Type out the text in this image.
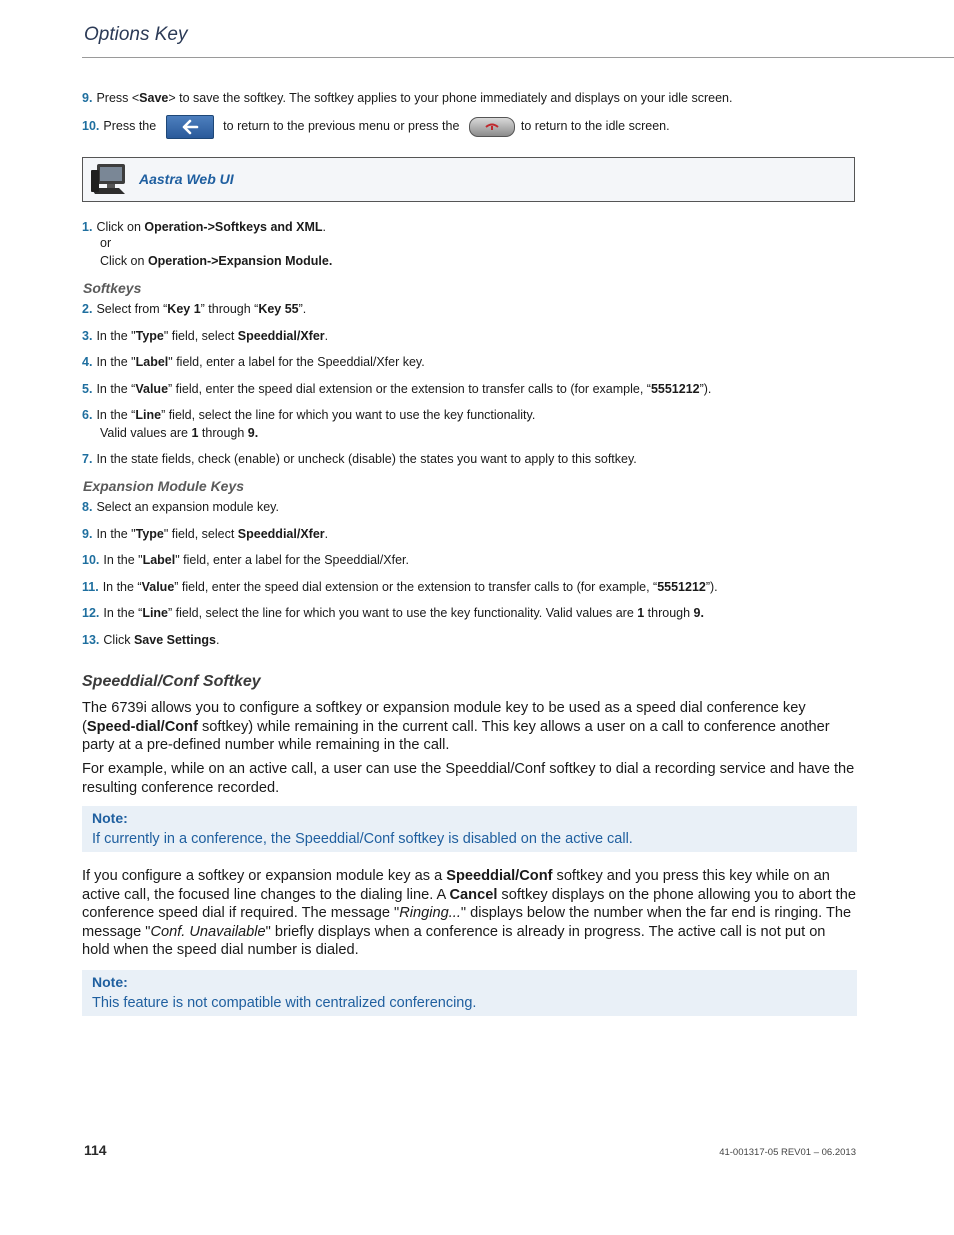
Options Key
9. Press <Save> to save the softkey. The softkey applies to your phone immediately and displays on your idle screen.
10. Press the	to return to the previous menu or press the	to return to the idle screen.
Aastra Web UI
1. Click on Operation->Softkeys and XML.
or
Click on Operation->Expansion Module.
Softkeys
2. Select from “Key 1” through “Key 55”.
3. In the "Type" field, select Speeddial/Xfer.
4. In the "Label" field, enter a label for the Speeddial/Xfer key.
5. In the “Value” field, enter the speed dial extension or the extension to transfer calls to (for example, “5551212”).
6. In the “Line” field, select the line for which you want to use the key functionality.
Valid values are 1 through 9.
7. In the state fields, check (enable) or uncheck (disable) the states you want to apply to this softkey.
Expansion Module Keys
8. Select an expansion module key.
9. In the "Type" field, select Speeddial/Xfer.
10. In the "Label" field, enter a label for the Speeddial/Xfer.
11. In the “Value” field, enter the speed dial extension or the extension to transfer calls to (for example, “5551212”).
12. In the “Line” field, select the line for which you want to use the key functionality. Valid values are 1 through 9.
13. Click Save Settings.
Speeddial/Conf Softkey
The 6739i allows you to configure a softkey or expansion module key to be used as a speed dial conference key (Speed-dial/Conf softkey) while remaining in the current call. This key allows a user on a call to conference another party at a pre-defined number while remaining in the call.
For example, while on an active call, a user can use the Speeddial/Conf softkey to dial a recording service and have the resulting conference recorded.
Note:
If currently in a conference, the Speeddial/Conf softkey is disabled on the active call.
If you configure a softkey or expansion module key as a Speeddial/Conf softkey and you press this key while on an active call, the focused line changes to the dialing line. A Cancel softkey displays on the phone allowing you to abort the conference speed dial if required. The message "Ringing..." displays below the number when the far end is ringing. The message "Conf. Unavailable" briefly displays when a conference is already in progress. The active call is not put on hold when the speed dial number is dialed.
Note:
This feature is not compatible with centralized conferencing.
114	41-001317-05 REV01 – 06.2013
